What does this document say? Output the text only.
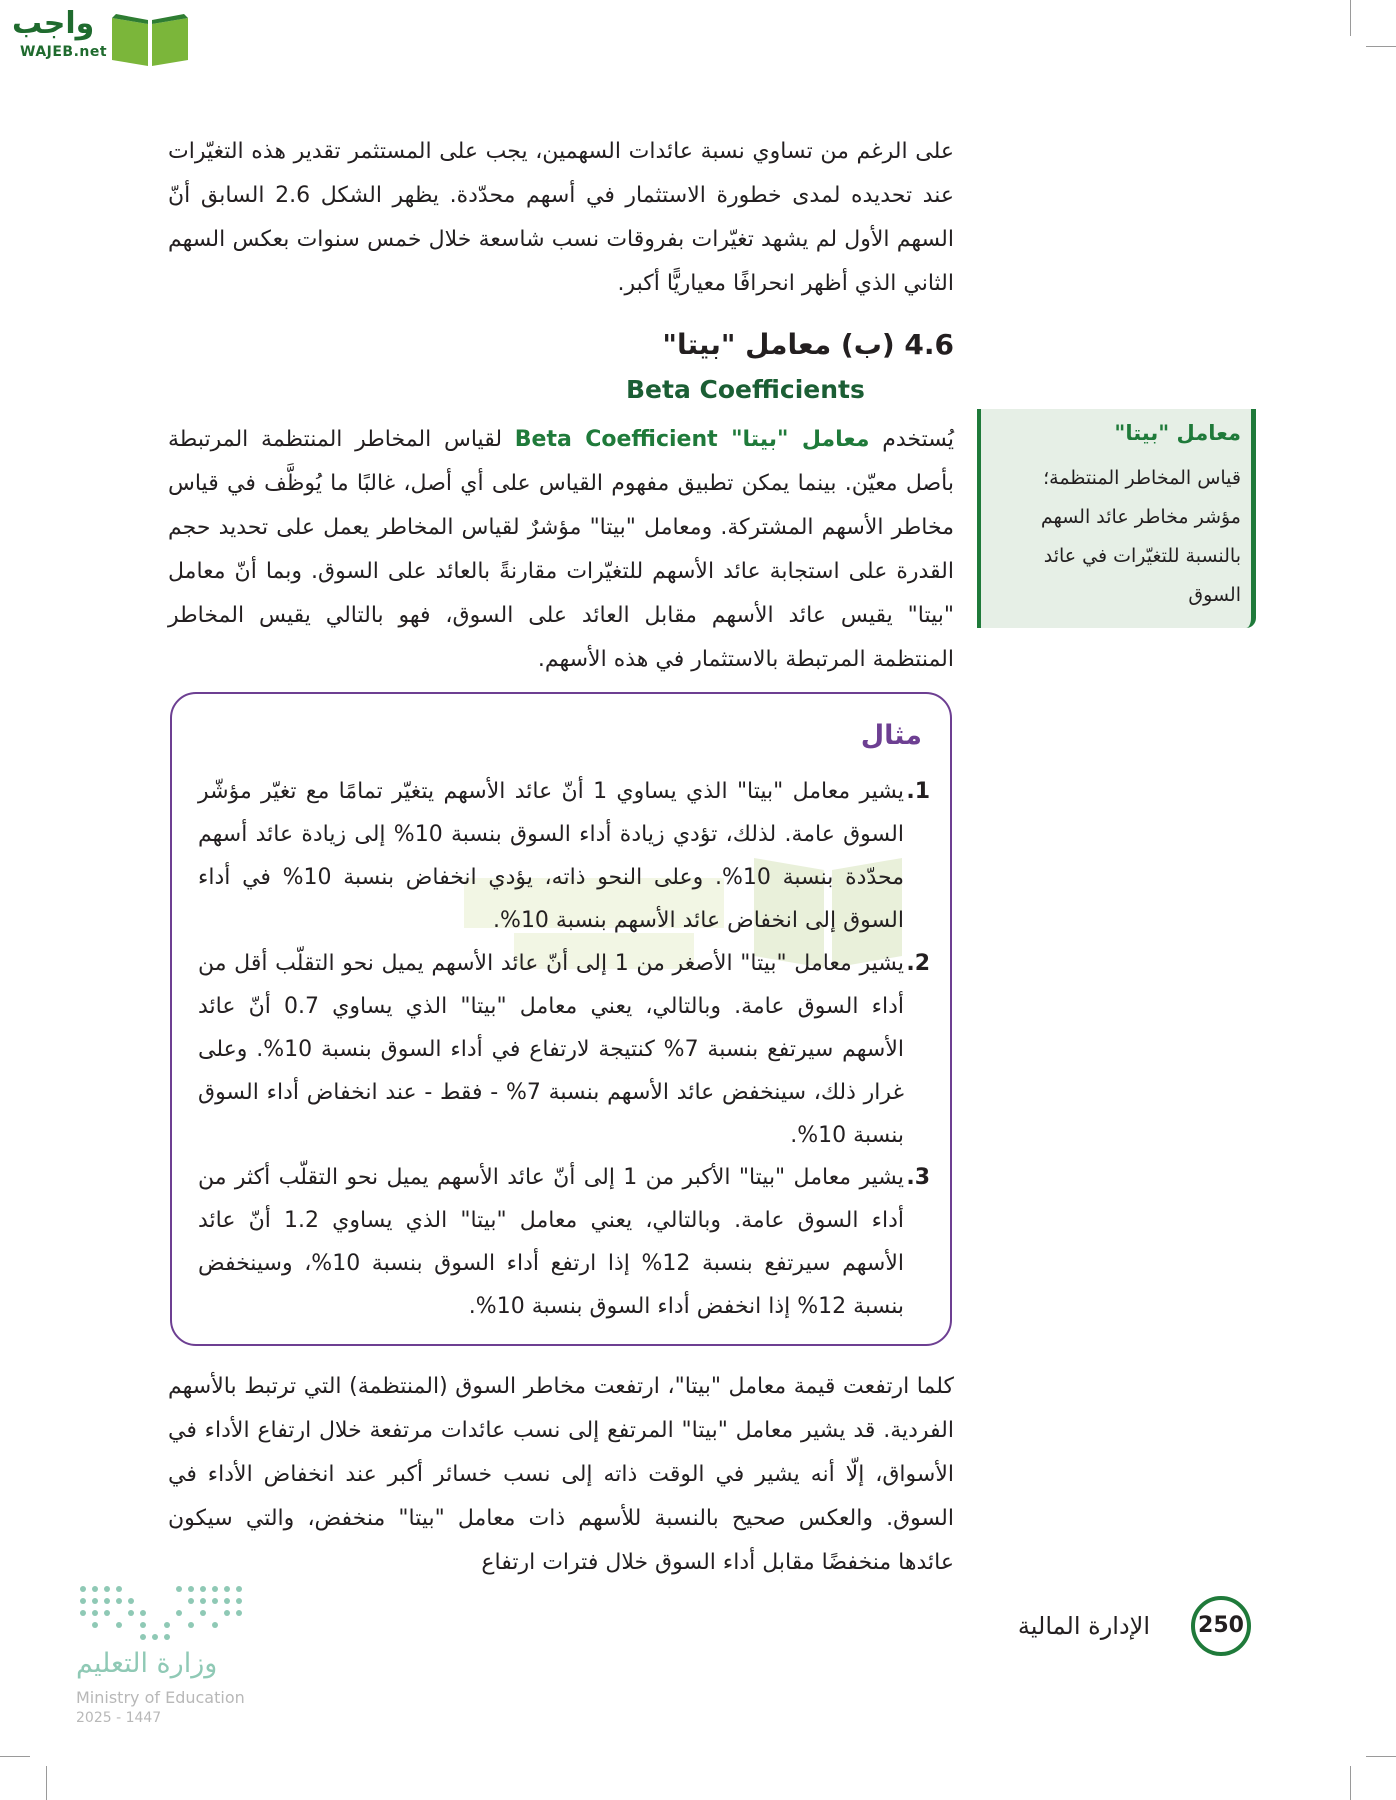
واجب
WAJEB.net
على الرغم من تساوي نسبة عائدات السهمين، يجب على المستثمر تقدير هذه التغيّرات عند تحديده لمدى خطورة الاستثمار في أسهم محدّدة. يظهر الشكل 2.6 السابق أنّ السهم الأول لم يشهد تغيّرات بفروقات نسب شاسعة خلال خمس سنوات بعكس السهم الثاني الذي أظهر انحرافًا معياريًّا أكبر.
4.6 (ب) معامل "بيتا"
Beta Coefficients
يُستخدم معامل "بيتا" Beta Coefficient لقياس المخاطر المنتظمة المرتبطة بأصل معيّن. بينما يمكن تطبيق مفهوم القياس على أي أصل، غالبًا ما يُوظَّف في قياس مخاطر الأسهم المشتركة. ومعامل "بيتا" مؤشرٌ لقياس المخاطر يعمل على تحديد حجم القدرة على استجابة عائد الأسهم للتغيّرات مقارنةً بالعائد على السوق. وبما أنّ معامل "بيتا" يقيس عائد الأسهم مقابل العائد على السوق، فهو بالتالي يقيس المخاطر المنتظمة المرتبطة بالاستثمار في هذه الأسهم.
معامل "بيتا"
قياس المخاطر المنتظمة؛ مؤشر مخاطر عائد السهم بالنسبة للتغيّرات في عائد السوق
مثال
1.
يشير معامل "بيتا" الذي يساوي 1 أنّ عائد الأسهم يتغيّر تمامًا مع تغيّر مؤشّر السوق عامة. لذلك، تؤدي زيادة أداء السوق بنسبة 10% إلى زيادة عائد أسهم محدّدة بنسبة 10%. وعلى النحو ذاته، يؤدي انخفاض بنسبة 10% في أداء السوق إلى انخفاض عائد الأسهم بنسبة 10%.
2.
يشير معامل "بيتا" الأصغر من 1 إلى أنّ عائد الأسهم يميل نحو التقلّب أقل من أداء السوق عامة. وبالتالي، يعني معامل "بيتا" الذي يساوي 0.7 أنّ عائد الأسهم سيرتفع بنسبة 7% كنتيجة لارتفاع في أداء السوق بنسبة 10%. وعلى غرار ذلك، سينخفض عائد الأسهم بنسبة 7% - فقط - عند انخفاض أداء السوق بنسبة 10%.
3.
يشير معامل "بيتا" الأكبر من 1 إلى أنّ عائد الأسهم يميل نحو التقلّب أكثر من أداء السوق عامة. وبالتالي، يعني معامل "بيتا" الذي يساوي 1.2 أنّ عائد الأسهم سيرتفع بنسبة 12% إذا ارتفع أداء السوق بنسبة 10%، وسينخفض بنسبة 12% إذا انخفض أداء السوق بنسبة 10%.
كلما ارتفعت قيمة معامل "بيتا"، ارتفعت مخاطر السوق (المنتظمة) التي ترتبط بالأسهم الفردية. قد يشير معامل "بيتا" المرتفع إلى نسب عائدات مرتفعة خلال ارتفاع الأداء في الأسواق، إلّا أنه يشير في الوقت ذاته إلى نسب خسائر أكبر عند انخفاض الأداء في السوق. والعكس صحيح بالنسبة للأسهم ذات معامل "بيتا" منخفض، والتي سيكون عائدها منخفضًا مقابل أداء السوق خلال فترات ارتفاع
250
الإدارة المالية
وزارة التعليم
Ministry of Education
2025 - 1447
